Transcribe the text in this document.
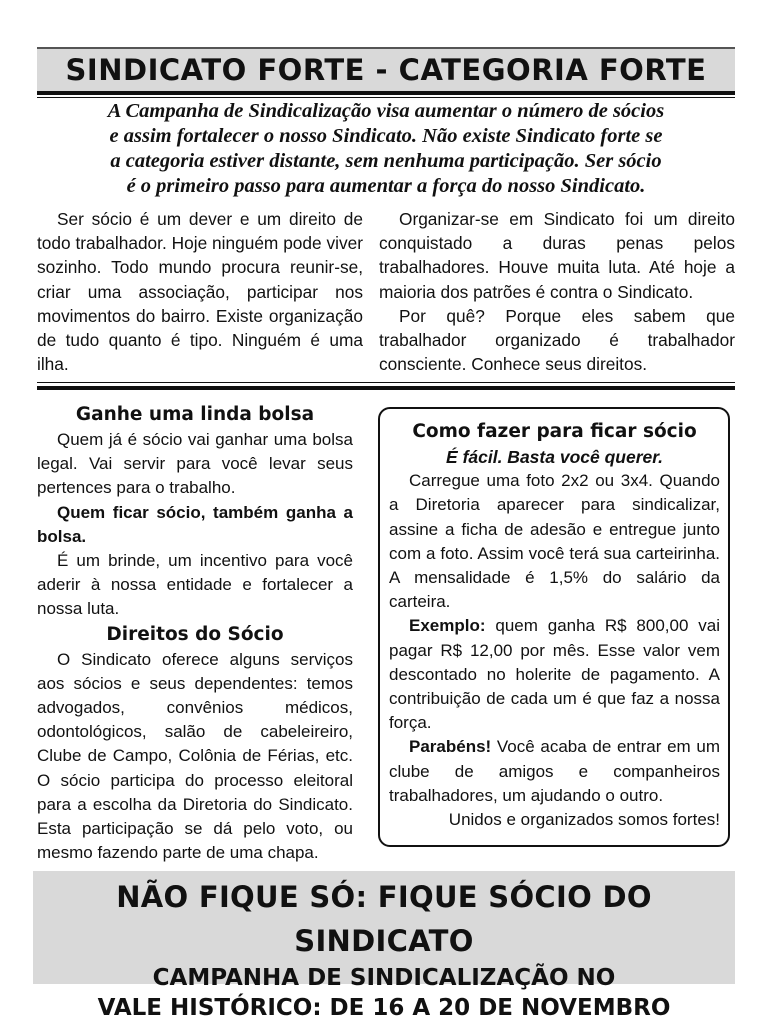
SINDICATO FORTE - CATEGORIA FORTE
A Campanha de Sindicalização visa aumentar o número de sócios
e assim fortalecer o nosso Sindicato. Não existe Sindicato forte se
a categoria estiver distante, sem nenhuma participação. Ser sócio
é o primeiro passo para aumentar a força do nosso Sindicato.

Ser sócio é um dever e um direito de todo trabalhador. Hoje ninguém pode viver sozinho. Todo mundo procura reunir-se, criar uma associação, participar nos movimentos do bairro. Existe organização de tudo quanto é tipo. Ninguém é uma ilha.

Organizar-se em Sindicato foi um direito conquistado a duras penas pelos trabalhadores. Houve muita luta. Até hoje a maioria dos patrões é contra o Sindicato.

Por quê? Porque eles sabem que trabalhador organizado é trabalhador consciente. Conhece seus direitos.

Ganhe uma linda bolsa

Quem já é sócio vai ganhar uma bolsa legal. Vai servir para você levar seus pertences para o trabalho.

Quem ficar sócio, também ganha a bolsa.

É um brinde, um incentivo para você aderir à nossa entidade e fortalecer a nossa luta.

Direitos do Sócio

O Sindicato oferece alguns serviços aos sócios e seus dependentes: temos advogados, convênios médicos, odontológicos, salão de cabeleireiro, Clube de Campo, Colônia de Férias, etc. O sócio participa do processo eleitoral para a escolha da Diretoria do Sindicato. Esta participação se dá pelo voto, ou mesmo fazendo parte de uma chapa.

Como fazer para ficar sócio

É fácil. Basta você querer.

Carregue uma foto 2x2 ou 3x4. Quando a Diretoria aparecer para sindicalizar, assine a ficha de adesão e entregue junto com a foto. Assim você terá sua carteirinha. A mensalidade é 1,5% do salário da carteira.

Exemplo: quem ganha R$ 800,00 vai pagar R$ 12,00 por mês. Esse valor vem descontado no holerite de pagamento. A contribuição de cada um é que faz a nossa força.

Parabéns! Você acaba de entrar em um clube de amigos e companheiros trabalhadores, um ajudando o outro.

Unidos e organizados somos fortes!

NÃO FIQUE SÓ: FIQUE SÓCIO DO SINDICATO
CAMPANHA DE SINDICALIZAÇÃO NO
VALE HISTÓRICO: DE 16 A 20 DE NOVEMBRO
